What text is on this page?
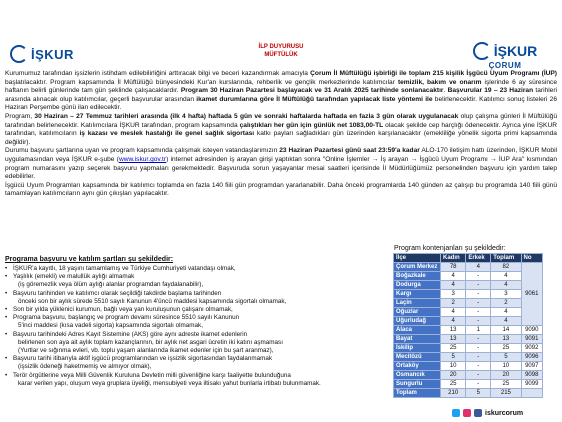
İŞKUR	İŞKUR
ÇORUM
İLP DUYURUSU
MÜFTÜLÜK

Kurumumuz tarafından işsizlerin istihdam edilebilirliğini arttıracak bilgi ve beceri kazandırmak amacıyla Çorum İl Müftülüğü işbirliği ile toplam 215 kişilik İşgücü Uyum Programı (İUP) başlatılacaktır. Program kapsamında İl Müftülüğü bünyesindeki Kur'an kurslarında, rehberlik ve gençlik merkezlerinde katılımcılar temizlik, bakım ve onarım işlerinde 6 ay süresince haftanın belirli günlerinde tam gün şeklinde çalışacaklardır. Program 30 Haziran Pazartesi başlayacak ve 31 Aralık 2025 tarihinde sonlanacaktır. Başvurular 19 – 23 Haziran tarihleri arasında alınacak olup katılımcılar, geçerli başvurular arasından ikamet durumlarına göre İl Müftülüğü tarafından yapılacak liste yöntemi ile belirlenecektir. Katılımcı sonuç listeleri 26 Haziran Perşembe günü ilan edilecektir.

Program, 30 Haziran – 27 Temmuz tarihleri arasında (ilk 4 hafta) haftada 5 gün ve sonraki haftalarda haftada en fazla 3 gün olarak uygulanacak olup çalışma günleri İl Müftülüğü tarafından belirlenecektir. Katılımcılara İŞKUR tarafından, program kapsamında çalıştıkları her gün için günlük net 1083,00-TL olacak şekilde cep harçlığı ödenecektir. Ayrıca yine İŞKUR tarafından, katılımcıların iş kazası ve meslek hastalığı ile genel sağlık sigortası katkı payları sağladıkları gün üzerinden karşılanacaktır (emekliliğe yönelik sigorta primi kapsamında değildir).

Durumu başvuru şartlarına uyan ve program kapsamında çalışmak isteyen vatandaşlarımızın 23 Haziran Pazartesi günü saat 23:59'a kadar ALO-170 iletişim hattı üzerinden, İŞKUR Mobil uygulamasından veya İŞKUR e-şube (www.iskur.gov.tr) internet adresinden iş arayan girişi yaptıktan sonra "Online İşlemler → İş arayan → İşgücü Uyum Programı → İUP Ara" kısmından program numarasını yazıp seçerek başvuru yapmaları gerekmektedir. Başvuruda sorun yaşayanlar mesai saatleri içerisinde İl Müdürlüğümüz personelinden başvuru için yardım talep edebilirler.

İşgücü Uyum Programları kapsamında bir katılımcı toplamda en fazla 140 fiili gün programdan yararlanabilir. Daha önceki programlarda 140 günden az çalışıp bu programda 140 fiili günü tamamlayan katılımcıların aynı gün çıkışları yapılacaktır.

Programa başvuru ve katılım şartları şu şekildedir:
• İŞKUR'a kayıtlı, 18 yaşını tamamlamış ve Türkiye Cumhuriyeti vatandaşı olmak,
• Yaşlılık (emekli) ve malullük aylığı almamak
(iş göremezlik veya ölüm aylığı alanlar programdan faydalanabilir),
• Başvuru tarihinden ve katılımcı olarak seçildiği takdirde başlama tarihinden
önceki son bir aylık sürede 5510 sayılı Kanunun 4'üncü maddesi kapsamında sigortalı olmamak,
• Son bir yılda yüklenici kurumun, bağlı veya yan kuruluşunun çalışanı olmamak,
• Programa başvuru, başlangıç ve program devamı süresince 5510 sayılı Kanunun
5'inci maddesi (kısa vadeli sigorta) kapsamında sigortalı olmamak,
• Başvuru tarihindeki Adres Kayıt Sistemine (AKS) göre aynı adreste ikamet edenlerin
belirlenen son aya ait aylık toplam kazançlarının, bir aylık net asgari ücretin iki katını aşmaması
(Yurtlar ve sığınma evleri, vb. toplu yaşam alanlarında ikamet edenler için bu şart aranmaz),
• Başvuru tarihi itibarıyla aktif işgücü programlarından ve işsizlik sigortasından faydalanmamak
(işsizlik ödeneği haketmemiş ve almıyor olmak),
• Terör örgütlerine veya Milli Güvenlik Kuruluna Devletin milli güvenliğine karşı faaliyette bulunduğuna
karar verilen yapı, oluşum veya gruplara üyeliği, mensubiyeti veya iltisakı yahut bunlarla irtibatı bulunmamak.
Program kontenjanları şu şekildedir:
İlçe	Kadın	Erkek	Toplam	No
Çorum Merkez	78	4	82	9061
Boğazkale	4	-	4	
Dodurga	4	-	4	
Kargı	3	-	3	
Laçin	2	-	2	
Oğuzlar	4	-	4	
Uğurludağ	4	-	4	
Alaca	13	1	14	9090
Bayat	13	-	13	9091
İskilip	25	-	25	9092
Mecitözü	5	-	5	9096
Ortaköy	10	-	10	9097
Osmancık	20	-	20	9098
Sungurlu	25	-	25	9099
Toplam	210	5	215	
iskurcorum
